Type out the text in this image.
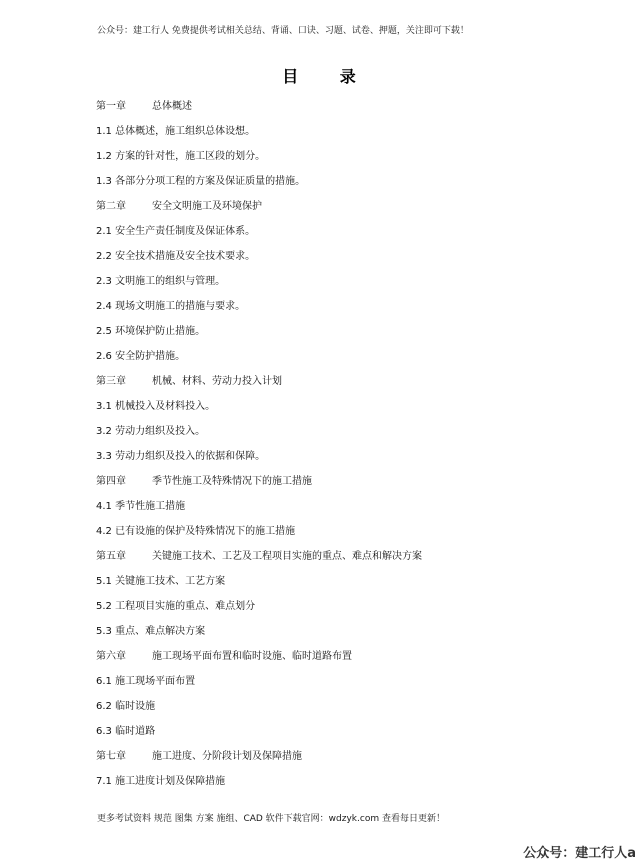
公众号：建工行人 免费提供考试相关总结、背诵、口诀、习题、试卷、押题，关注即可下载！
目 录
第一章	总体概述
1.1 总体概述，施工组织总体设想。
1.2 方案的针对性，施工区段的划分。
1.3 各部分分项工程的方案及保证质量的措施。
第二章	安全文明施工及环境保护
2.1 安全生产责任制度及保证体系。
2.2 安全技术措施及安全技术要求。
2.3 文明施工的组织与管理。
2.4 现场文明施工的措施与要求。
2.5 环境保护防止措施。
2.6 安全防护措施。
第三章	机械、材料、劳动力投入计划
3.1 机械投入及材料投入。
3.2 劳动力组织及投入。
3.3 劳动力组织及投入的依据和保障。
第四章	季节性施工及特殊情况下的施工措施
4.1 季节性施工措施
4.2 已有设施的保护及特殊情况下的施工措施
第五章	关键施工技术、工艺及工程项目实施的重点、难点和解决方案
5.1 关键施工技术、工艺方案
5.2 工程项目实施的重点、难点划分
5.3 重点、难点解决方案
第六章	施工现场平面布置和临时设施、临时道路布置
6.1 施工现场平面布置
6.2 临时设施
6.3 临时道路
第七章	施工进度、分阶段计划及保障措施
7.1 施工进度计划及保障措施
更多考试资料 规范 图集 方案 施组、CAD 软件下载官网：wdzyk.com 查看每日更新！
公众号：建工行人a
